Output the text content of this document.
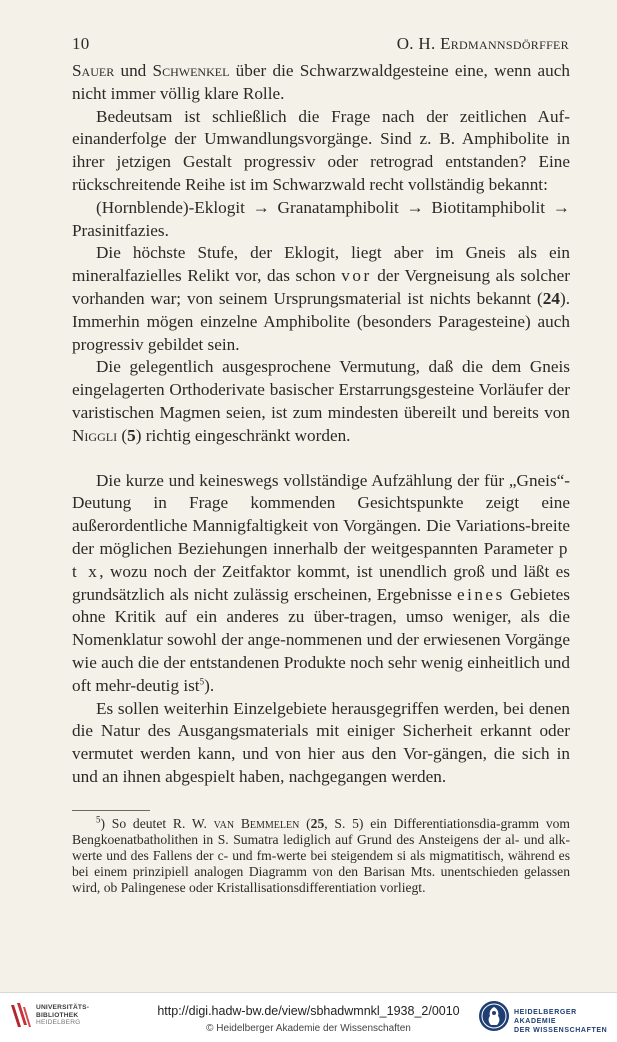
10	O. H. Erdmannsdörffer

Sauer und Schwenkel über die Schwarzwaldgesteine eine, wenn auch nicht immer völlig klare Rolle.

Bedeutsam ist schließlich die Frage nach der zeitlichen Auf-einanderfolge der Umwandlungsvorgänge. Sind z. B. Amphibolite in ihrer jetzigen Gestalt progressiv oder retrograd entstanden? Eine rückschreitende Reihe ist im Schwarzwald recht vollständig bekannt:

(Hornblende)-Eklogit → Granatamphibolit → Biotitamphibolit → Prasinitfazies.

Die höchste Stufe, der Eklogit, liegt aber im Gneis als ein mineralfazielles Relikt vor, das schon vor der Vergneisung als solcher vorhanden war; von seinem Ursprungsmaterial ist nichts bekannt (24). Immerhin mögen einzelne Amphibolite (besonders Paragesteine) auch progressiv gebildet sein.

Die gelegentlich ausgesprochene Vermutung, daß die dem Gneis eingelagerten Orthoderivate basischer Erstarrungsgesteine Vorläufer der varistischen Magmen seien, ist zum mindesten übereilt und bereits von Niggli (5) richtig eingeschränkt worden.

Die kurze und keineswegs vollständige Aufzählung der für „Gneis“-Deutung in Frage kommenden Gesichtspunkte zeigt eine außerordentliche Mannigfaltigkeit von Vorgängen. Die Variations-breite der möglichen Beziehungen innerhalb der weitgespannten Parameter p t x, wozu noch der Zeitfaktor kommt, ist unendlich groß und läßt es grundsätzlich als nicht zulässig erscheinen, Ergebnisse eines Gebietes ohne Kritik auf ein anderes zu über-tragen, umso weniger, als die Nomenklatur sowohl der ange-nommenen und der erwiesenen Vorgänge wie auch die der entstandenen Produkte noch sehr wenig einheitlich und oft mehr-deutig ist$^5$).

Es sollen weiterhin Einzelgebiete herausgegriffen werden, bei denen die Natur des Ausgangsmaterials mit einiger Sicherheit erkannt oder vermutet werden kann, und von hier aus den Vor-gängen, die sich in und an ihnen abgespielt haben, nachgegangen werden.

$^5$) So deutet R. W. van Bemmelen (25, S. 5) ein Differentiationsdia-gramm vom Bengkoenatbatholithen in S. Sumatra lediglich auf Grund des Ansteigens der al- und alk-werte und des Fallens der c- und fm-werte bei steigendem si als migmatitisch, während es bei einem prinzipiell analogen Diagramm von den Barisan Mts. unentschieden gelassen wird, ob Palingenese oder Kristallisationsdifferentiation vorliegt.

UNIVERSITÄTS-
BIBLIOTHEK
HEIDELBERG
http://digi.hadw-bw.de/view/sbhadwmnkl_1938_2/0010
© Heidelberger Akademie der Wissenschaften
HEIDELBERGER AKADEMIE
DER WISSENSCHAFTEN
